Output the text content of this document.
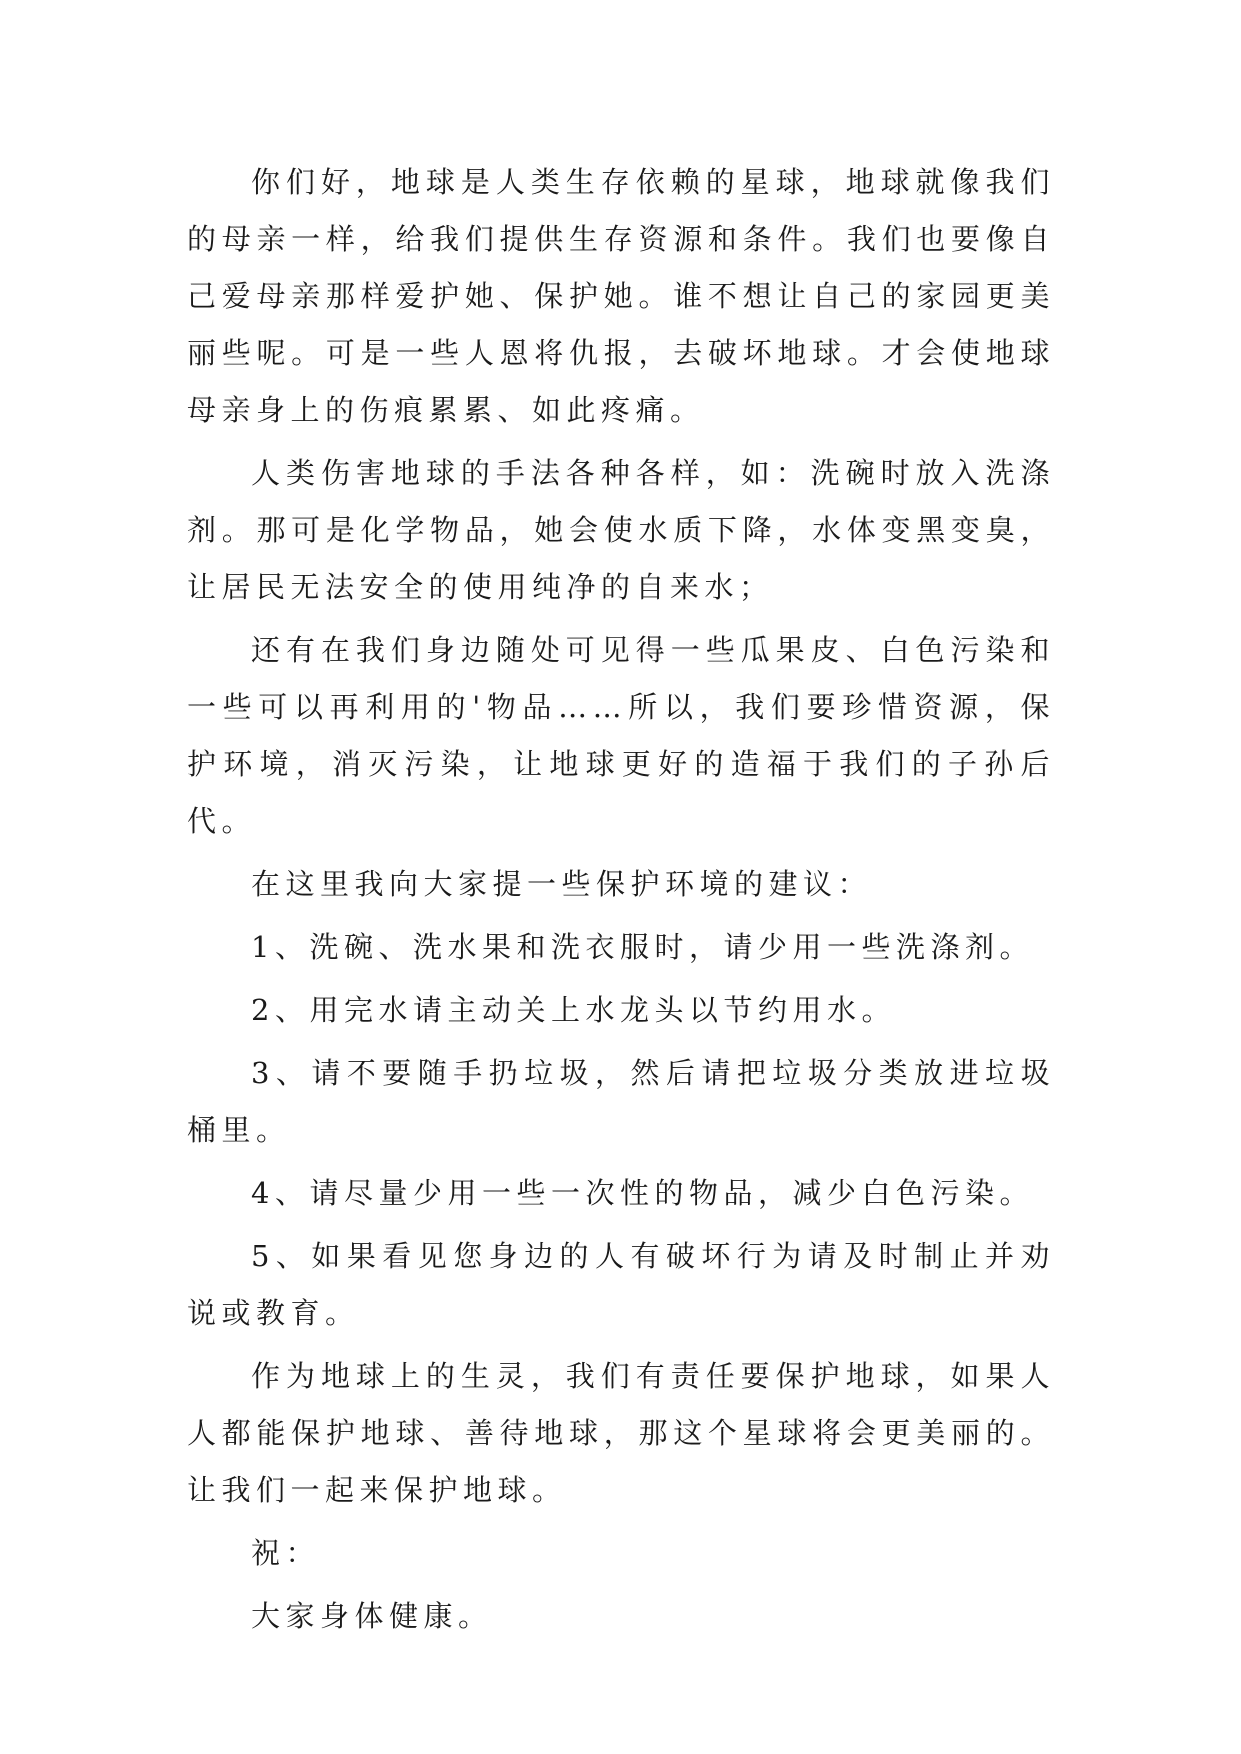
你们好，地球是人类生存依赖的星球，地球就像我们的母亲一样，给我们提供生存资源和条件。我们也要像自己爱母亲那样爱护她、保护她。谁不想让自己的家园更美丽些呢。可是一些人恩将仇报，去破坏地球。才会使地球母亲身上的伤痕累累、如此疼痛。

人类伤害地球的手法各种各样，如：洗碗时放入洗涤剂。那可是化学物品，她会使水质下降，水体变黑变臭，让居民无法安全的使用纯净的自来水；

还有在我们身边随处可见得一些瓜果皮、白色污染和一些可以再利用的'物品……所以，我们要珍惜资源，保护环境，消灭污染，让地球更好的造福于我们的子孙后代。

在这里我向大家提一些保护环境的建议：

1、洗碗、洗水果和洗衣服时，请少用一些洗涤剂。

2、用完水请主动关上水龙头以节约用水。

3、请不要随手扔垃圾，然后请把垃圾分类放进垃圾桶里。

4、请尽量少用一些一次性的物品，减少白色污染。

5、如果看见您身边的人有破坏行为请及时制止并劝说或教育。

作为地球上的生灵，我们有责任要保护地球，如果人人都能保护地球、善待地球，那这个星球将会更美丽的。让我们一起来保护地球。

祝：

大家身体健康。
